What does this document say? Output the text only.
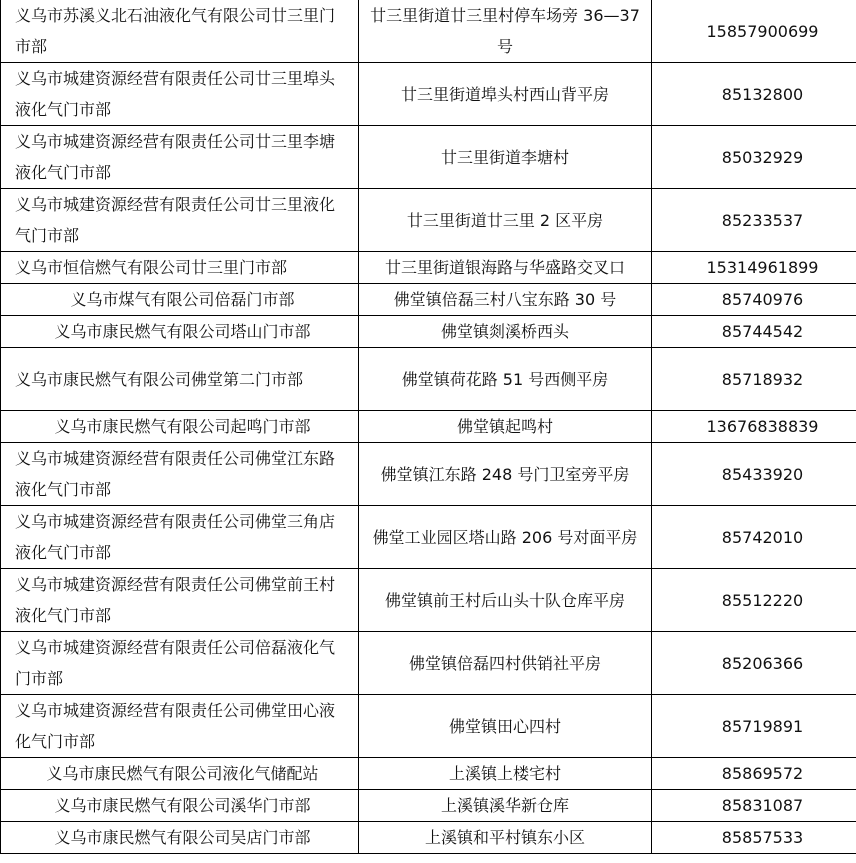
义乌市苏溪义北石油液化气有限公司廿三里门市部	廿三里街道廿三里村停车场旁 36—37 号	15857900699
义乌市城建资源经营有限责任公司廿三里埠头液化气门市部	廿三里街道埠头村西山背平房	85132800
义乌市城建资源经营有限责任公司廿三里李塘液化气门市部	廿三里街道李塘村	85032929
义乌市城建资源经营有限责任公司廿三里液化气门市部	廿三里街道廿三里 2 区平房	85233537
义乌市恒信燃气有限公司廿三里门市部	廿三里街道银海路与华盛路交叉口	15314961899
义乌市煤气有限公司倍磊门市部	佛堂镇倍磊三村八宝东路 30 号	85740976
义乌市康民燃气有限公司塔山门市部	佛堂镇剡溪桥西头	85744542
义乌市康民燃气有限公司佛堂第二门市部	佛堂镇荷花路 51 号西侧平房	85718932
义乌市康民燃气有限公司起鸣门市部	佛堂镇起鸣村	13676838839
义乌市城建资源经营有限责任公司佛堂江东路液化气门市部	佛堂镇江东路 248 号门卫室旁平房	85433920
义乌市城建资源经营有限责任公司佛堂三角店液化气门市部	佛堂工业园区塔山路 206 号对面平房	85742010
义乌市城建资源经营有限责任公司佛堂前王村液化气门市部	佛堂镇前王村后山头十队仓库平房	85512220
义乌市城建资源经营有限责任公司倍磊液化气门市部	佛堂镇倍磊四村供销社平房	85206366
义乌市城建资源经营有限责任公司佛堂田心液化气门市部	佛堂镇田心四村	85719891
义乌市康民燃气有限公司液化气储配站	上溪镇上楼宅村	85869572
义乌市康民燃气有限公司溪华门市部	上溪镇溪华新仓库	85831087
义乌市康民燃气有限公司吴店门市部	上溪镇和平村镇东小区	85857533
